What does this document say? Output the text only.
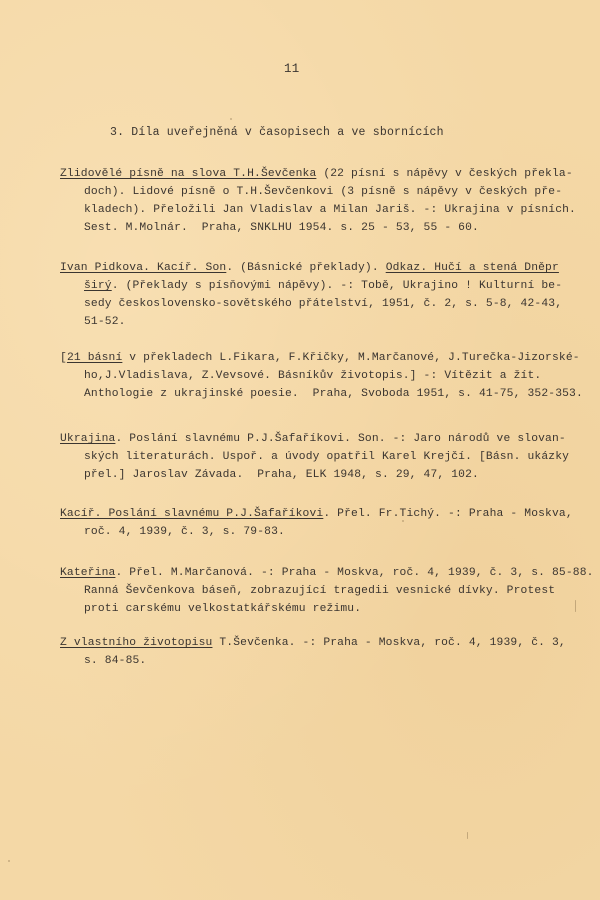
11
3. Díla uveřejněná v časopisech a ve sbornících
Zlidovělé písně na slova T.H.Ševčenka (22 písní s nápěvy v českých překla-
doch). Lidové písně o T.H.Ševčenkovi (3 písně s nápěvy v českých pře-
kladech). Přeložili Jan Vladislav a Milan Jariš. -: Ukrajina v písních.
Sest. M.Molnár.  Praha, SNKLHU 1954. s. 25 - 53, 55 - 60.
Ivan Pidkova. Kacíř. Son. (Básnické překlady). Odkaz. Hučí a stená Dněpr
širý. (Překlady s písňovými nápěvy). -: Tobě, Ukrajino ! Kulturní be-
sedy československo-sovětského přátelství, 1951, č. 2, s. 5-8, 42-43,
51-52.
[21 básní v překladech L.Fikara, F.Křičky, M.Marčanové, J.Turečka-Jizorské-
ho,J.Vladislava, Z.Vevsové. Básníkův životopis.] -: Vítězit a žít.
Anthologie z ukrajinské poesie.  Praha, Svoboda 1951, s. 41-75, 352-353.
Ukrajina. Poslání slavnému P.J.Šafaříkovi. Son. -: Jaro národů ve slovan-
ských literaturách. Uspoř. a úvody opatřil Karel Krejčí. [Básn. ukázky
přel.] Jaroslav Závada.  Praha, ELK 1948, s. 29, 47, 102.
Kacíř. Poslání slavnému P.J.Šafaříkovi. Přel. Fr.Tichý. -: Praha - Moskva,
roč. 4, 1939, č. 3, s. 79-83.
Kateřina. Přel. M.Marčanová. -: Praha - Moskva, roč. 4, 1939, č. 3, s. 85-88.
Ranná Ševčenkova báseň, zobrazující tragedii vesnické dívky. Protest
proti carskému velkostatkářskému režimu.
Z vlastního životopisu T.Ševčenka. -: Praha - Moskva, roč. 4, 1939, č. 3,
s. 84-85.
